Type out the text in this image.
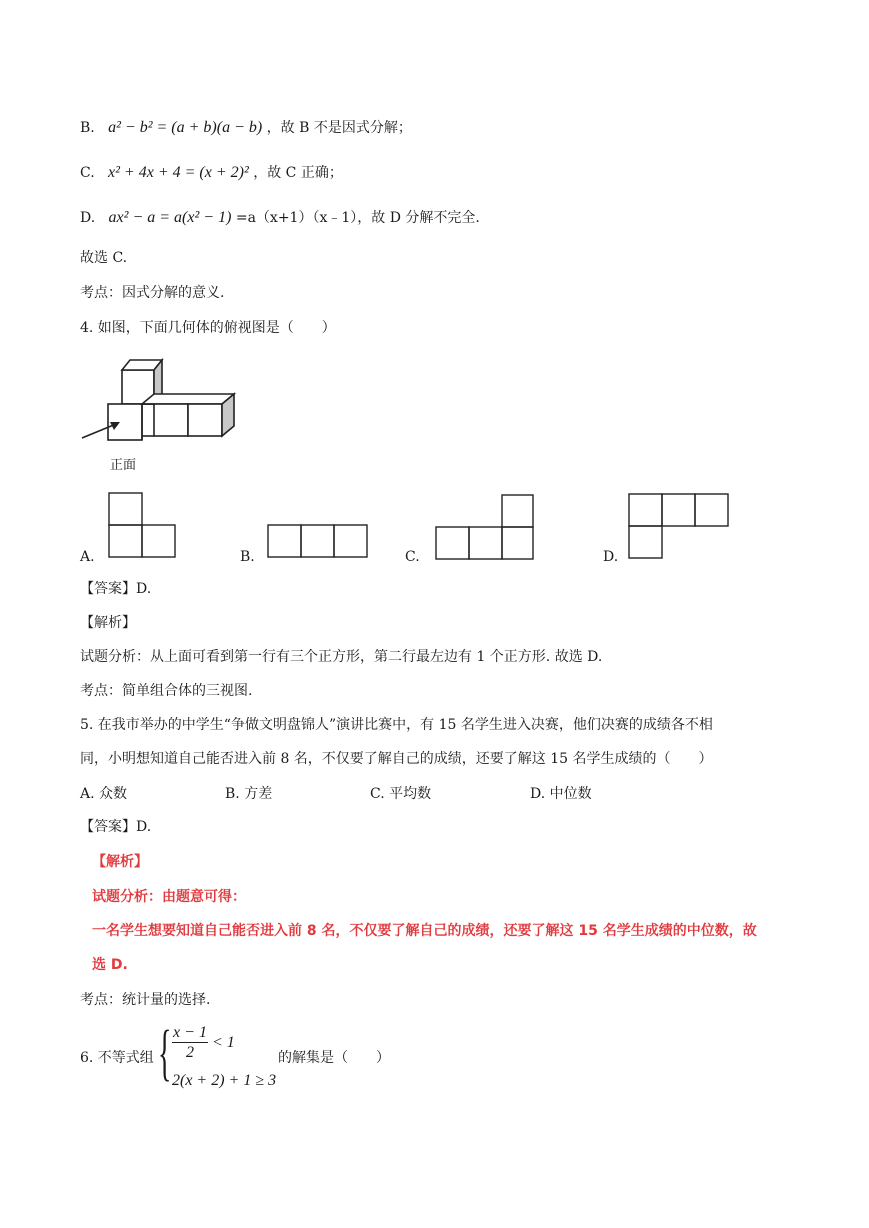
B. a² − b² = (a + b)(a − b) ，故 B 不是因式分解；
C. x² + 4x + 4 = (x + 2)² ，故 C 正确；
D. ax² − a = a(x² − 1) =a（x+1）（x﹣1），故 D 分解不完全.
故选 C.
考点：因式分解的意义.
4. 如图，下面几何体的俯视图是（　　）
正面
A.	B.	C.	D.
【答案】D.
【解析】
试题分析：从上面可看到第一行有三个正方形，第二行最左边有 1 个正方形. 故选 D.
考点：简单组合体的三视图.
5. 在我市举办的中学生“争做文明盘锦人”演讲比赛中，有 15 名学生进入决赛，他们决赛的成绩各不相
同，小明想知道自己能否进入前 8 名，不仅要了解自己的成绩，还要了解这 15 名学生成绩的（　　）
A. 众数	B. 方差	C. 平均数	D. 中位数
【答案】D.
【解析】
试题分析：由题意可得：
一名学生想要知道自己能否进入前 8 名，不仅要了解自己的成绩，还要了解这 15 名学生成绩的中位数，故
选 D.
考点：统计量的选择.
6. 不等式组 { x − 1
2
< 1
2(x + 2) + 1 ≥ 3
的解集是（　　）
